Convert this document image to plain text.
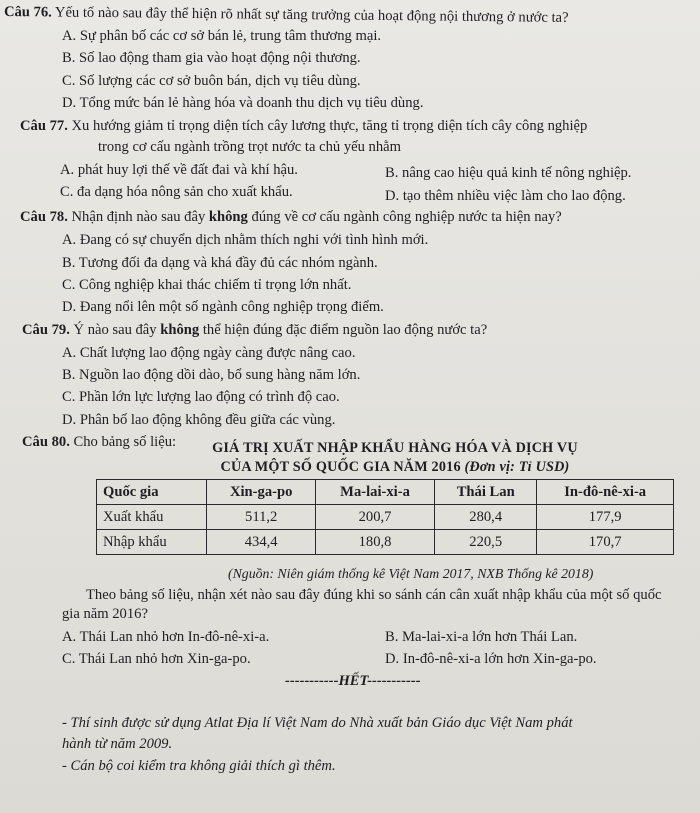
Câu 76. Yếu tố nào sau đây thể hiện rõ nhất sự tăng trưởng của hoạt động nội thương ở nước ta?
A. Sự phân bố các cơ sở bán lẻ, trung tâm thương mại.
B. Số lao động tham gia vào hoạt động nội thương.
C. Số lượng các cơ sở buôn bán, dịch vụ tiêu dùng.
D. Tổng mức bán lẻ hàng hóa và doanh thu dịch vụ tiêu dùng.
Câu 77. Xu hướng giảm tỉ trọng diện tích cây lương thực, tăng tỉ trọng diện tích cây công nghiệp
trong cơ cấu ngành trồng trọt nước ta chủ yếu nhằm
A. phát huy lợi thế về đất đai và khí hậu.	B. nâng cao hiệu quả kinh tế nông nghiệp.
C. đa dạng hóa nông sản cho xuất khẩu.	D. tạo thêm nhiều việc làm cho lao động.
Câu 78. Nhận định nào sau đây không đúng về cơ cấu ngành công nghiệp nước ta hiện nay?
A. Đang có sự chuyển dịch nhằm thích nghi với tình hình mới.
B. Tương đối đa dạng và khá đầy đủ các nhóm ngành.
C. Công nghiệp khai thác chiếm tỉ trọng lớn nhất.
D. Đang nổi lên một số ngành công nghiệp trọng điểm.
Câu 79. Ý nào sau đây không thể hiện đúng đặc điểm nguồn lao động nước ta?
A. Chất lượng lao động ngày càng được nâng cao.
B. Nguồn lao động dồi dào, bổ sung hàng năm lớn.
C. Phần lớn lực lượng lao động có trình độ cao.
D. Phân bố lao động không đều giữa các vùng.
Câu 80. Cho bảng số liệu:	GIÁ TRỊ XUẤT NHẬP KHẨU HÀNG HÓA VÀ DỊCH VỤ
CỦA MỘT SỐ QUỐC GIA NĂM 2016 (Đơn vị: Tỉ USD)
Quốc gia	Xin-ga-po	Ma-lai-xi-a	Thái Lan	In-đô-nê-xi-a
Xuất khẩu	511,2	200,7	280,4	177,9
Nhập khẩu	434,4	180,8	220,5	170,7
(Nguồn: Niên giám thống kê Việt Nam 2017, NXB Thống kê 2018)
Theo bảng số liệu, nhận xét nào sau đây đúng khi so sánh cán cân xuất nhập khẩu của một số quốc
gia năm 2016?
A. Thái Lan nhỏ hơn In-đô-nê-xi-a.	B. Ma-lai-xi-a lớn hơn Thái Lan.
C. Thái Lan nhỏ hơn Xin-ga-po.	D. In-đô-nê-xi-a lớn hơn Xin-ga-po.
-----------HẾT-----------
- Thí sinh được sử dụng Atlat Địa lí Việt Nam do Nhà xuất bản Giáo dục Việt Nam phát
hành từ năm 2009.
- Cán bộ coi kiểm tra không giải thích gì thêm.
